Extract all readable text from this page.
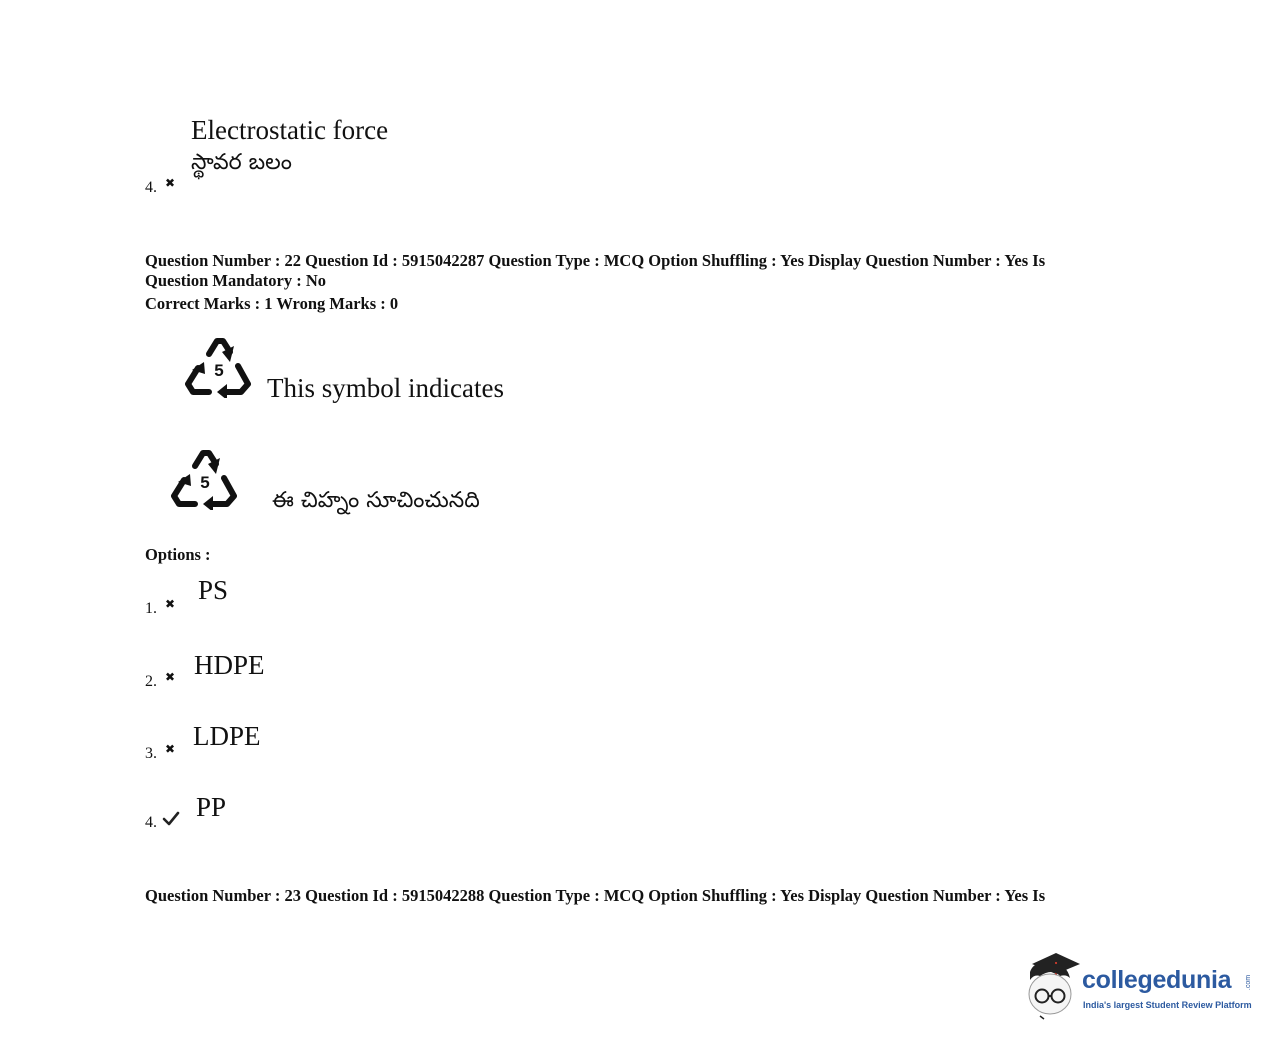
Electrostatic force
స్థావర బలం
4. ✖
Question Number : 22 Question Id : 5915042287 Question Type : MCQ Option Shuffling : Yes Display Question Number : Yes Is Question Mandatory : No
Correct Marks : 1 Wrong Marks : 0
5
This symbol indicates
5
ఈ చిహ్నం సూచించునది
Options :
PS
1. ✖
HDPE
2. ✖
LDPE
3. ✖
PP
4.
Question Number : 23 Question Id : 5915042288 Question Type : MCQ Option Shuffling : Yes Display Question Number : Yes Is
collegedunia .com
India's largest Student Review Platform
